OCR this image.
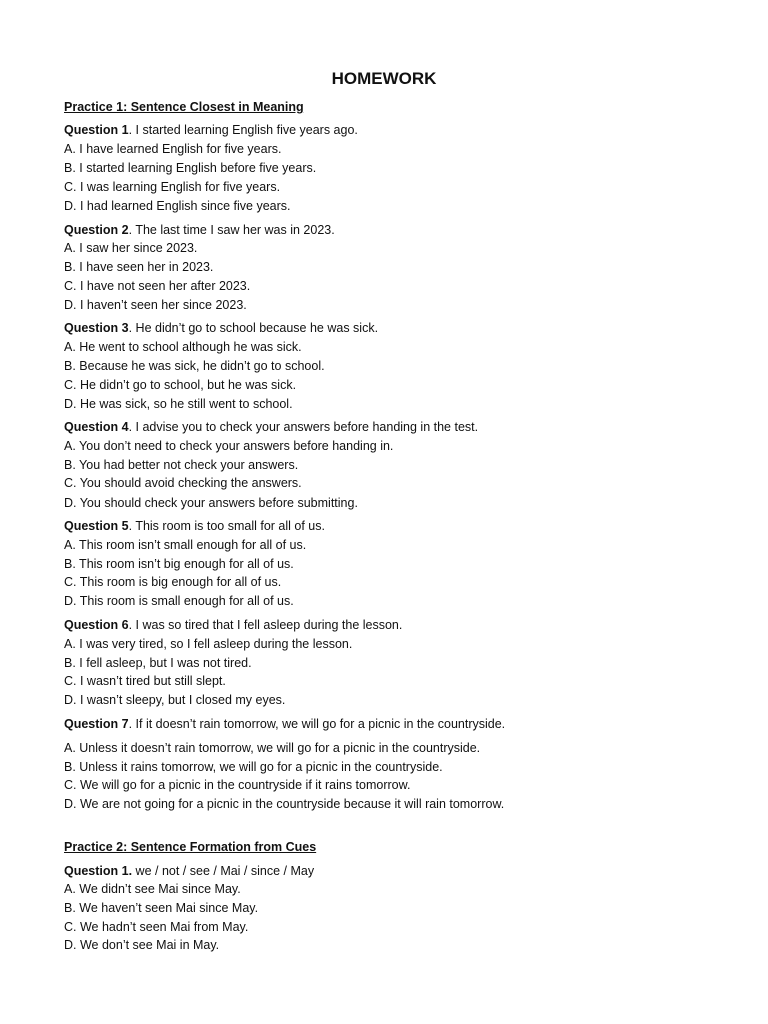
HOMEWORK
Practice 1: Sentence Closest in Meaning
Question 1. I started learning English five years ago.
A. I have learned English for five years.
B. I started learning English before five years.
C. I was learning English for five years.
D. I had learned English since five years.
Question 2. The last time I saw her was in 2023.
A. I saw her since 2023.
B. I have seen her in 2023.
C. I have not seen her after 2023.
D. I haven’t seen her since 2023.
Question 3. He didn’t go to school because he was sick.
A. He went to school although he was sick.
B. Because he was sick, he didn’t go to school.
C. He didn’t go to school, but he was sick.
D. He was sick, so he still went to school.
Question 4. I advise you to check your answers before handing in the test.
A. You don’t need to check your answers before handing in.
B. You had better not check your answers.
C. You should avoid checking the answers.
D. You should check your answers before submitting.
Question 5. This room is too small for all of us.
A. This room isn’t small enough for all of us.
B. This room isn’t big enough for all of us.
C. This room is big enough for all of us.
D. This room is small enough for all of us.
Question 6. I was so tired that I fell asleep during the lesson.
A. I was very tired, so I fell asleep during the lesson.
B. I fell asleep, but I was not tired.
C. I wasn’t tired but still slept.
D. I wasn’t sleepy, but I closed my eyes.
Question 7. If it doesn’t rain tomorrow, we will go for a picnic in the countryside.
A. Unless it doesn’t rain tomorrow, we will go for a picnic in the countryside.
B. Unless it rains tomorrow, we will go for a picnic in the countryside.
C. We will go for a picnic in the countryside if it rains tomorrow.
D. We are not going for a picnic in the countryside because it will rain tomorrow.
Practice 2: Sentence Formation from Cues
Question 1. we / not / see / Mai / since / May
A. We didn’t see Mai since May.
B. We haven’t seen Mai since May.
C. We hadn’t seen Mai from May.
D. We don’t see Mai in May.
